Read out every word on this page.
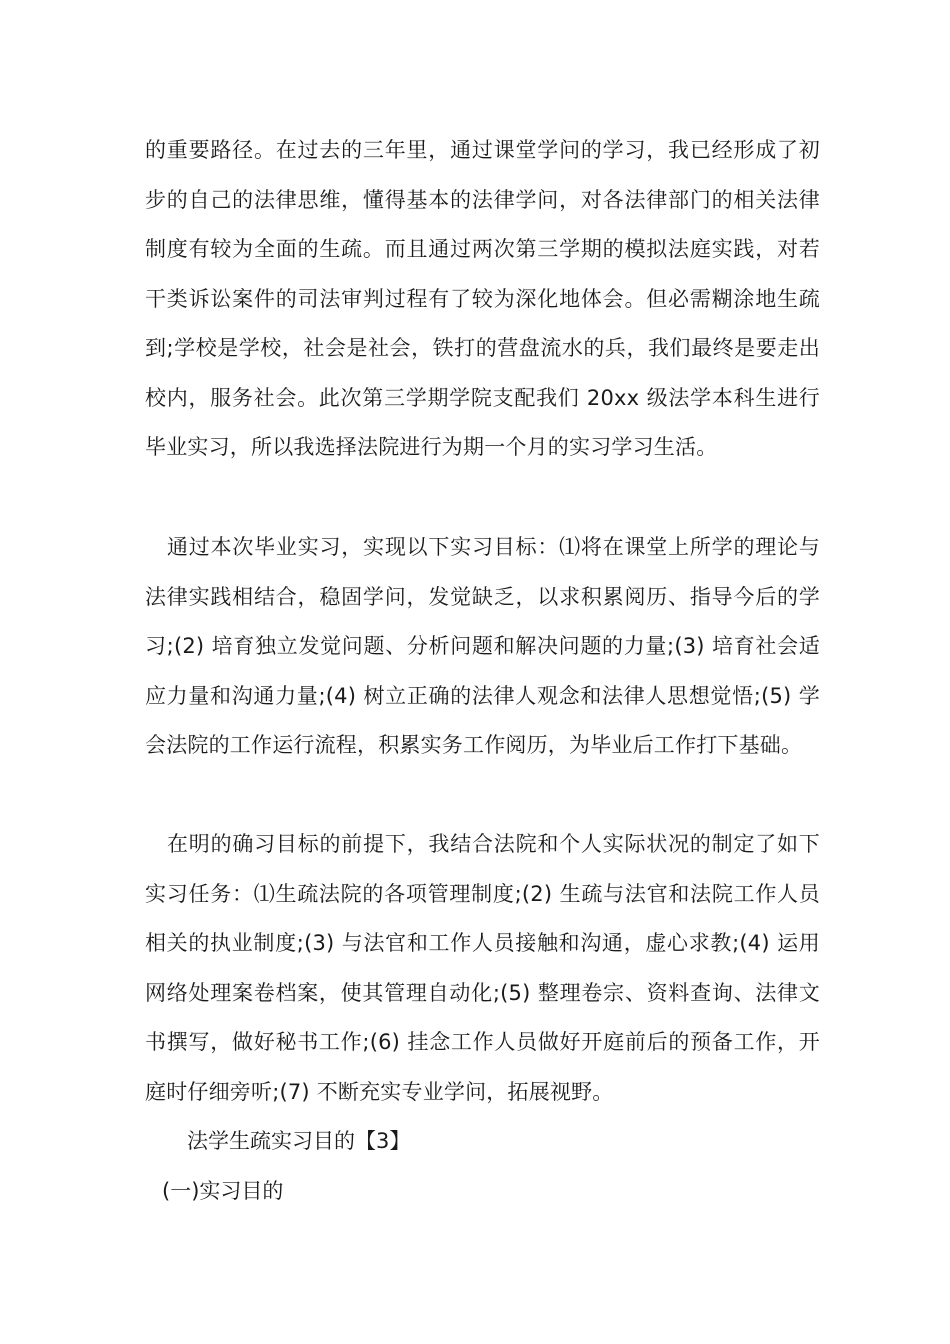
的重要路径。在过去的三年里，通过课堂学问的学习，我已经形成了初步的自己的法律思维，懂得基本的法律学问，对各法律部门的相关法律制度有较为全面的生疏。而且通过两次第三学期的模拟法庭实践，对若干类诉讼案件的司法审判过程有了较为深化地体会。但必需糊涂地生疏到;学校是学校，社会是社会，铁打的营盘流水的兵，我们最终是要走出校内，服务社会。此次第三学期学院支配我们 20xx 级法学本科生进行毕业实习，所以我选择法院进行为期一个月的实习学习生活。

通过本次毕业实习，实现以下实习目标：⑴将在课堂上所学的理论与法律实践相结合，稳固学问，发觉缺乏，以求积累阅历、指导今后的学习;(2) 培育独立发觉问题、分析问题和解决问题的力量;(3) 培育社会适应力量和沟通力量;(4) 树立正确的法律人观念和法律人思想觉悟;(5) 学会法院的工作运行流程，积累实务工作阅历，为毕业后工作打下基础。

在明的确习目标的前提下，我结合法院和个人实际状况的制定了如下实习任务：⑴生疏法院的各项管理制度;(2) 生疏与法官和法院工作人员相关的执业制度;(3) 与法官和工作人员接触和沟通，虚心求教;(4) 运用网络处理案卷档案，使其管理自动化;(5) 整理卷宗、资料查询、法律文书撰写，做好秘书工作;(6) 挂念工作人员做好开庭前后的预备工作，开庭时仔细旁听;(7) 不断充实专业学问，拓展视野。

法学生疏实习目的【3】

(一)实习目的
